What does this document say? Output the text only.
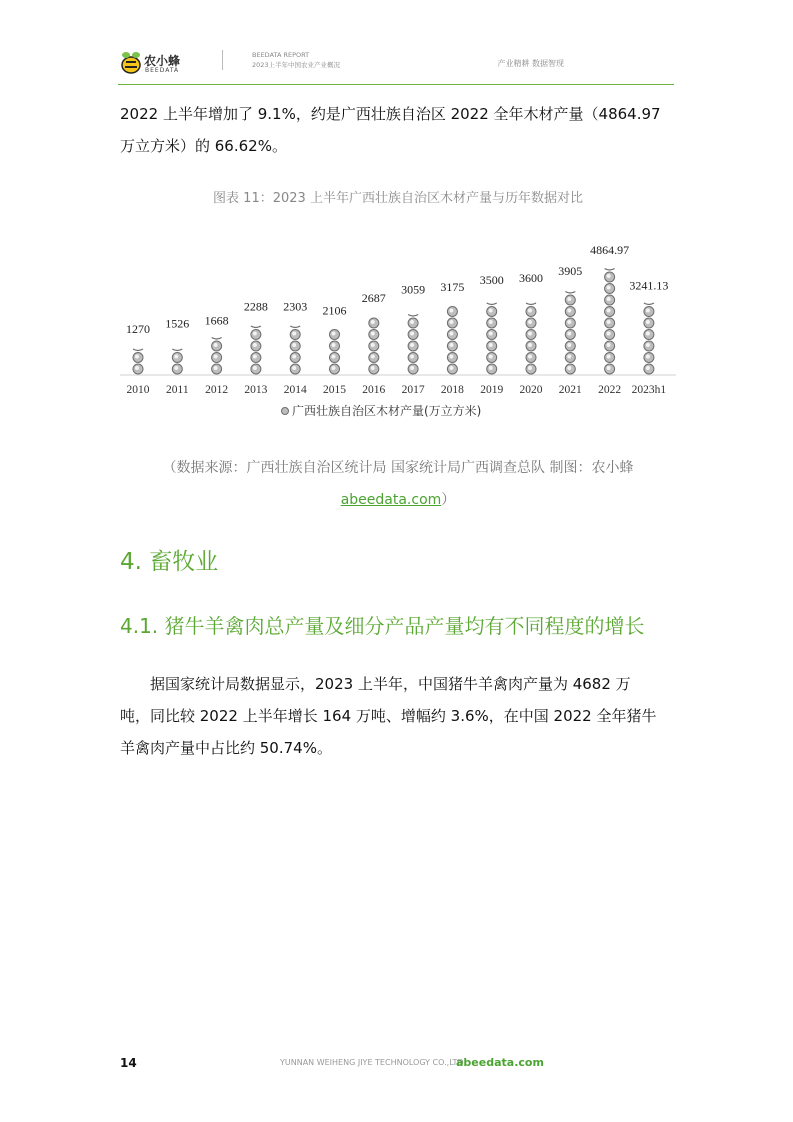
农小蜂
BEEDATA
BEEDATA REPORT
2023上半年中国农业产业概况	产业精耕 数据智现
2022 上半年增加了 9.1%，约是广西壮族自治区 2022 全年木材产量（4864.97
万立方米）的 66.62%。
图表 11：2023 上半年广西壮族自治区木材产量与历年数据对比
1270
2010
1526
2011
1668
2012
2288
2013
2303
2014
2106
2015
2687
2016
3059
2017
3175
2018
3500
2019
3600
2020
3905
2021
4864.97
2022
3241.13
2023h1
广西壮族自治区木材产量(万立方米)
（数据来源：广西壮族自治区统计局 国家统计局广西调查总队 制图：农小蜂
abeedata.com）
4. 畜牧业
4.1. 猪牛羊禽肉总产量及细分产品产量均有不同程度的增长
据国家统计局数据显示，2023 上半年，中国猪牛羊禽肉产量为 4682 万
吨，同比较 2022 上半年增长 164 万吨、增幅约 3.6%，在中国 2022 全年猪牛
羊禽肉产量中占比约 50.74%。
14	YUNNAN WEIHENG JIYE TECHNOLOGY CO.,LTD.
abeedata.com
